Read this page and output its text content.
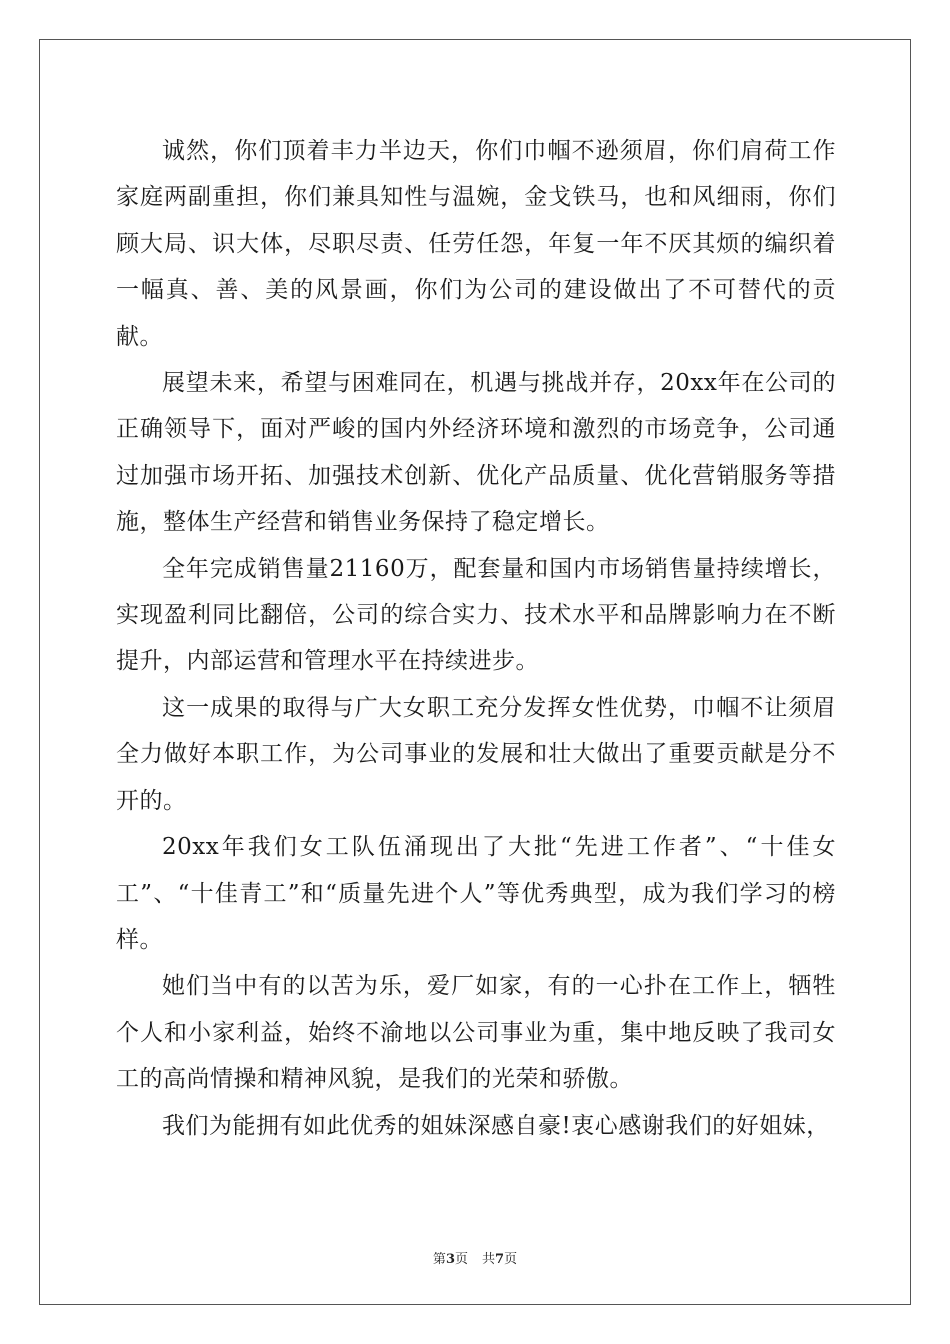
诚然，你们顶着丰力半边天，你们巾帼不逊须眉，你们肩荷工作家庭两副重担，你们兼具知性与温婉，金戈铁马，也和风细雨，你们顾大局、识大体，尽职尽责、任劳任怨，年复一年不厌其烦的编织着一幅真、善、美的风景画，你们为公司的建设做出了不可替代的贡献。

展望未来，希望与困难同在，机遇与挑战并存，20xx年在公司的正确领导下，面对严峻的国内外经济环境和激烈的市场竞争，公司通过加强市场开拓、加强技术创新、优化产品质量、优化营销服务等措施，整体生产经营和销售业务保持了稳定增长。

全年完成销售量21160万，配套量和国内市场销售量持续增长，实现盈利同比翻倍，公司的综合实力、技术水平和品牌影响力在不断提升，内部运营和管理水平在持续进步。

这一成果的取得与广大女职工充分发挥女性优势，巾帼不让须眉全力做好本职工作，为公司事业的发展和壮大做出了重要贡献是分不开的。

20xx年我们女工队伍涌现出了大批“先进工作者”、“十佳女工”、“十佳青工”和“质量先进个人”等优秀典型，成为我们学习的榜样。

她们当中有的以苦为乐，爱厂如家，有的一心扑在工作上，牺牲个人和小家利益，始终不渝地以公司事业为重，集中地反映了我司女工的高尚情操和精神风貌，是我们的光荣和骄傲。

我们为能拥有如此优秀的姐妹深感自豪!衷心感谢我们的好姐妹，

第3页 共7页
